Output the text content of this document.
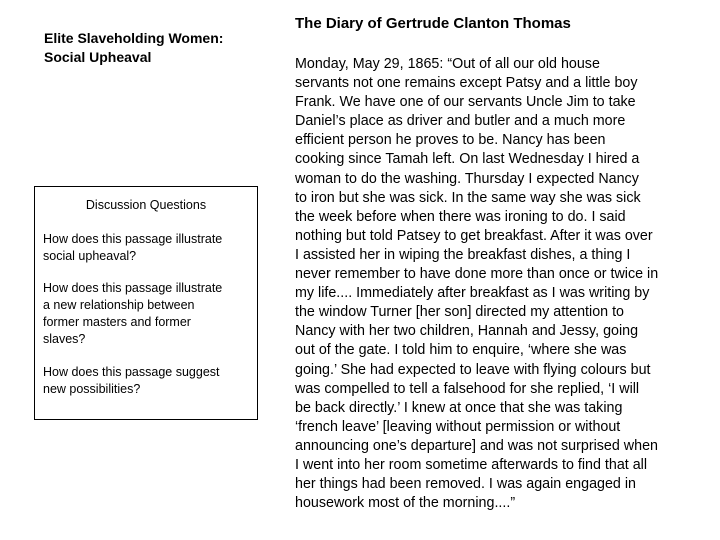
Elite Slaveholding Women:
Social Upheaval
Discussion Questions
How does this passage illustrate
social upheaval?
How does this passage illustrate
a new relationship between
former masters and former
slaves?
How does this passage suggest
new possibilities?
The Diary of Gertrude Clanton Thomas
Monday, May 29, 1865: “Out of all our old house
servants not one remains except Patsy and a little boy
Frank. We have one of our servants Uncle Jim to take
Daniel’s place as driver and butler and a much more
efficient person he proves to be. Nancy has been
cooking since Tamah left. On last Wednesday I hired a
woman to do the washing. Thursday I expected Nancy
to iron but she was sick. In the same way she was sick
the week before when there was ironing to do. I said
nothing but told Patsey to get breakfast. After it was over
I assisted her in wiping the breakfast dishes, a thing I
never remember to have done more than once or twice in
my life.... Immediately after breakfast as I was writing by
the window Turner [her son] directed my attention to
Nancy with her two children, Hannah and Jessy, going
out of the gate. I told him to enquire, ‘where she was
going.’ She had expected to leave with flying colours but
was compelled to tell a falsehood for she replied, ‘I will
be back directly.’ I knew at once that she was taking
‘french leave’ [leaving without permission or without
announcing one’s departure] and was not surprised when
I went into her room sometime afterwards to find that all
her things had been removed. I was again engaged in
housework most of the morning....”
